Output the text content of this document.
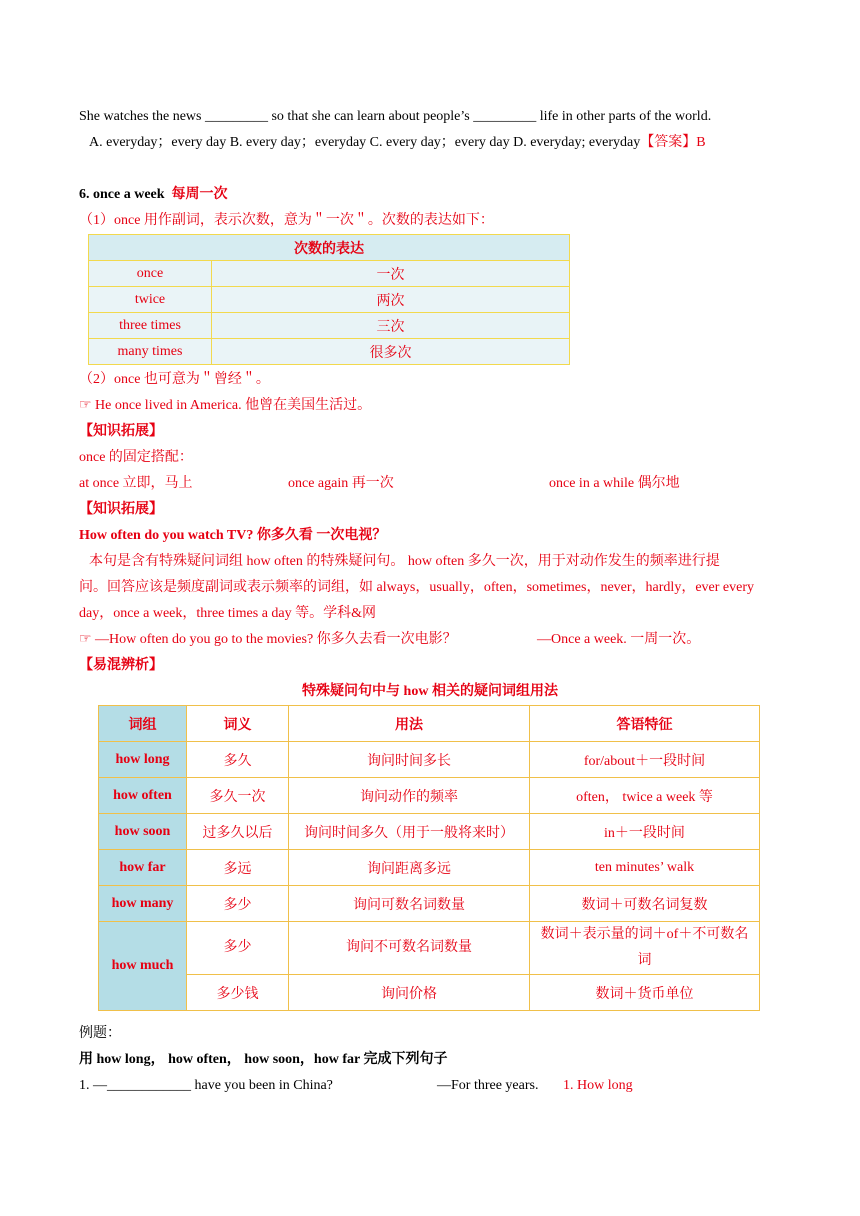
She watches the news _________ so that she can learn about people’s _________ life in other parts of the world.
A. everyday；every day B. every day；everyday C. every day；every day D. everyday; everyday【答案】B
6. once a week 每周一次
（1）once 用作副词，表示次数，意为＂一次＂。次数的表达如下：
次数的表达	
once	一次
twice	两次
three times	三次
many times	很多次
（2）once 也可意为＂曾经＂。
☞ He once lived in America. 他曾在美国生活过。
【知识拓展】
once 的固定搭配：
at once 立即，马上	once again 再一次	once in a while 偶尔地
【知识拓展】
How often do you watch TV? 你多久看 一次电视？
本句是含有特殊疑问词组 how often 的特殊疑问句。 how often 多久一次，用于对动作发生的频率进行提
问。回答应该是频度副词或表示频率的词组，如 always，usually，often，sometimes，never，hardly，ever every
day，once a week，three times a day 等。学科&网
☞ —How often do you go to the movies? 你多久去看一次电影？	—Once a week. 一周一次。
【易混辨析】
特殊疑问句中与 how 相关的疑问词组用法
词组	词义	用法	答语特征
how long	多久	询问时间多长	for/about＋一段时间
how often	多久一次	询问动作的频率	often， twice a week 等
how soon	过多久以后	询问时间多久（用于一般将来时）	in＋一段时间
how far	多远	询问距离多远	ten minutes’ walk
how many	多少	询问可数名词数量	数词＋可数名词复数
how much	多少	询问不可数名词数量	数词＋表示量的词＋of＋不可数名词
	多少钱	询问价格	数词＋货币单位
例题：
用 how long， how often， how soon，how far 完成下列句子
1. —____________ have you been in China?	—For three years. 1. How long
